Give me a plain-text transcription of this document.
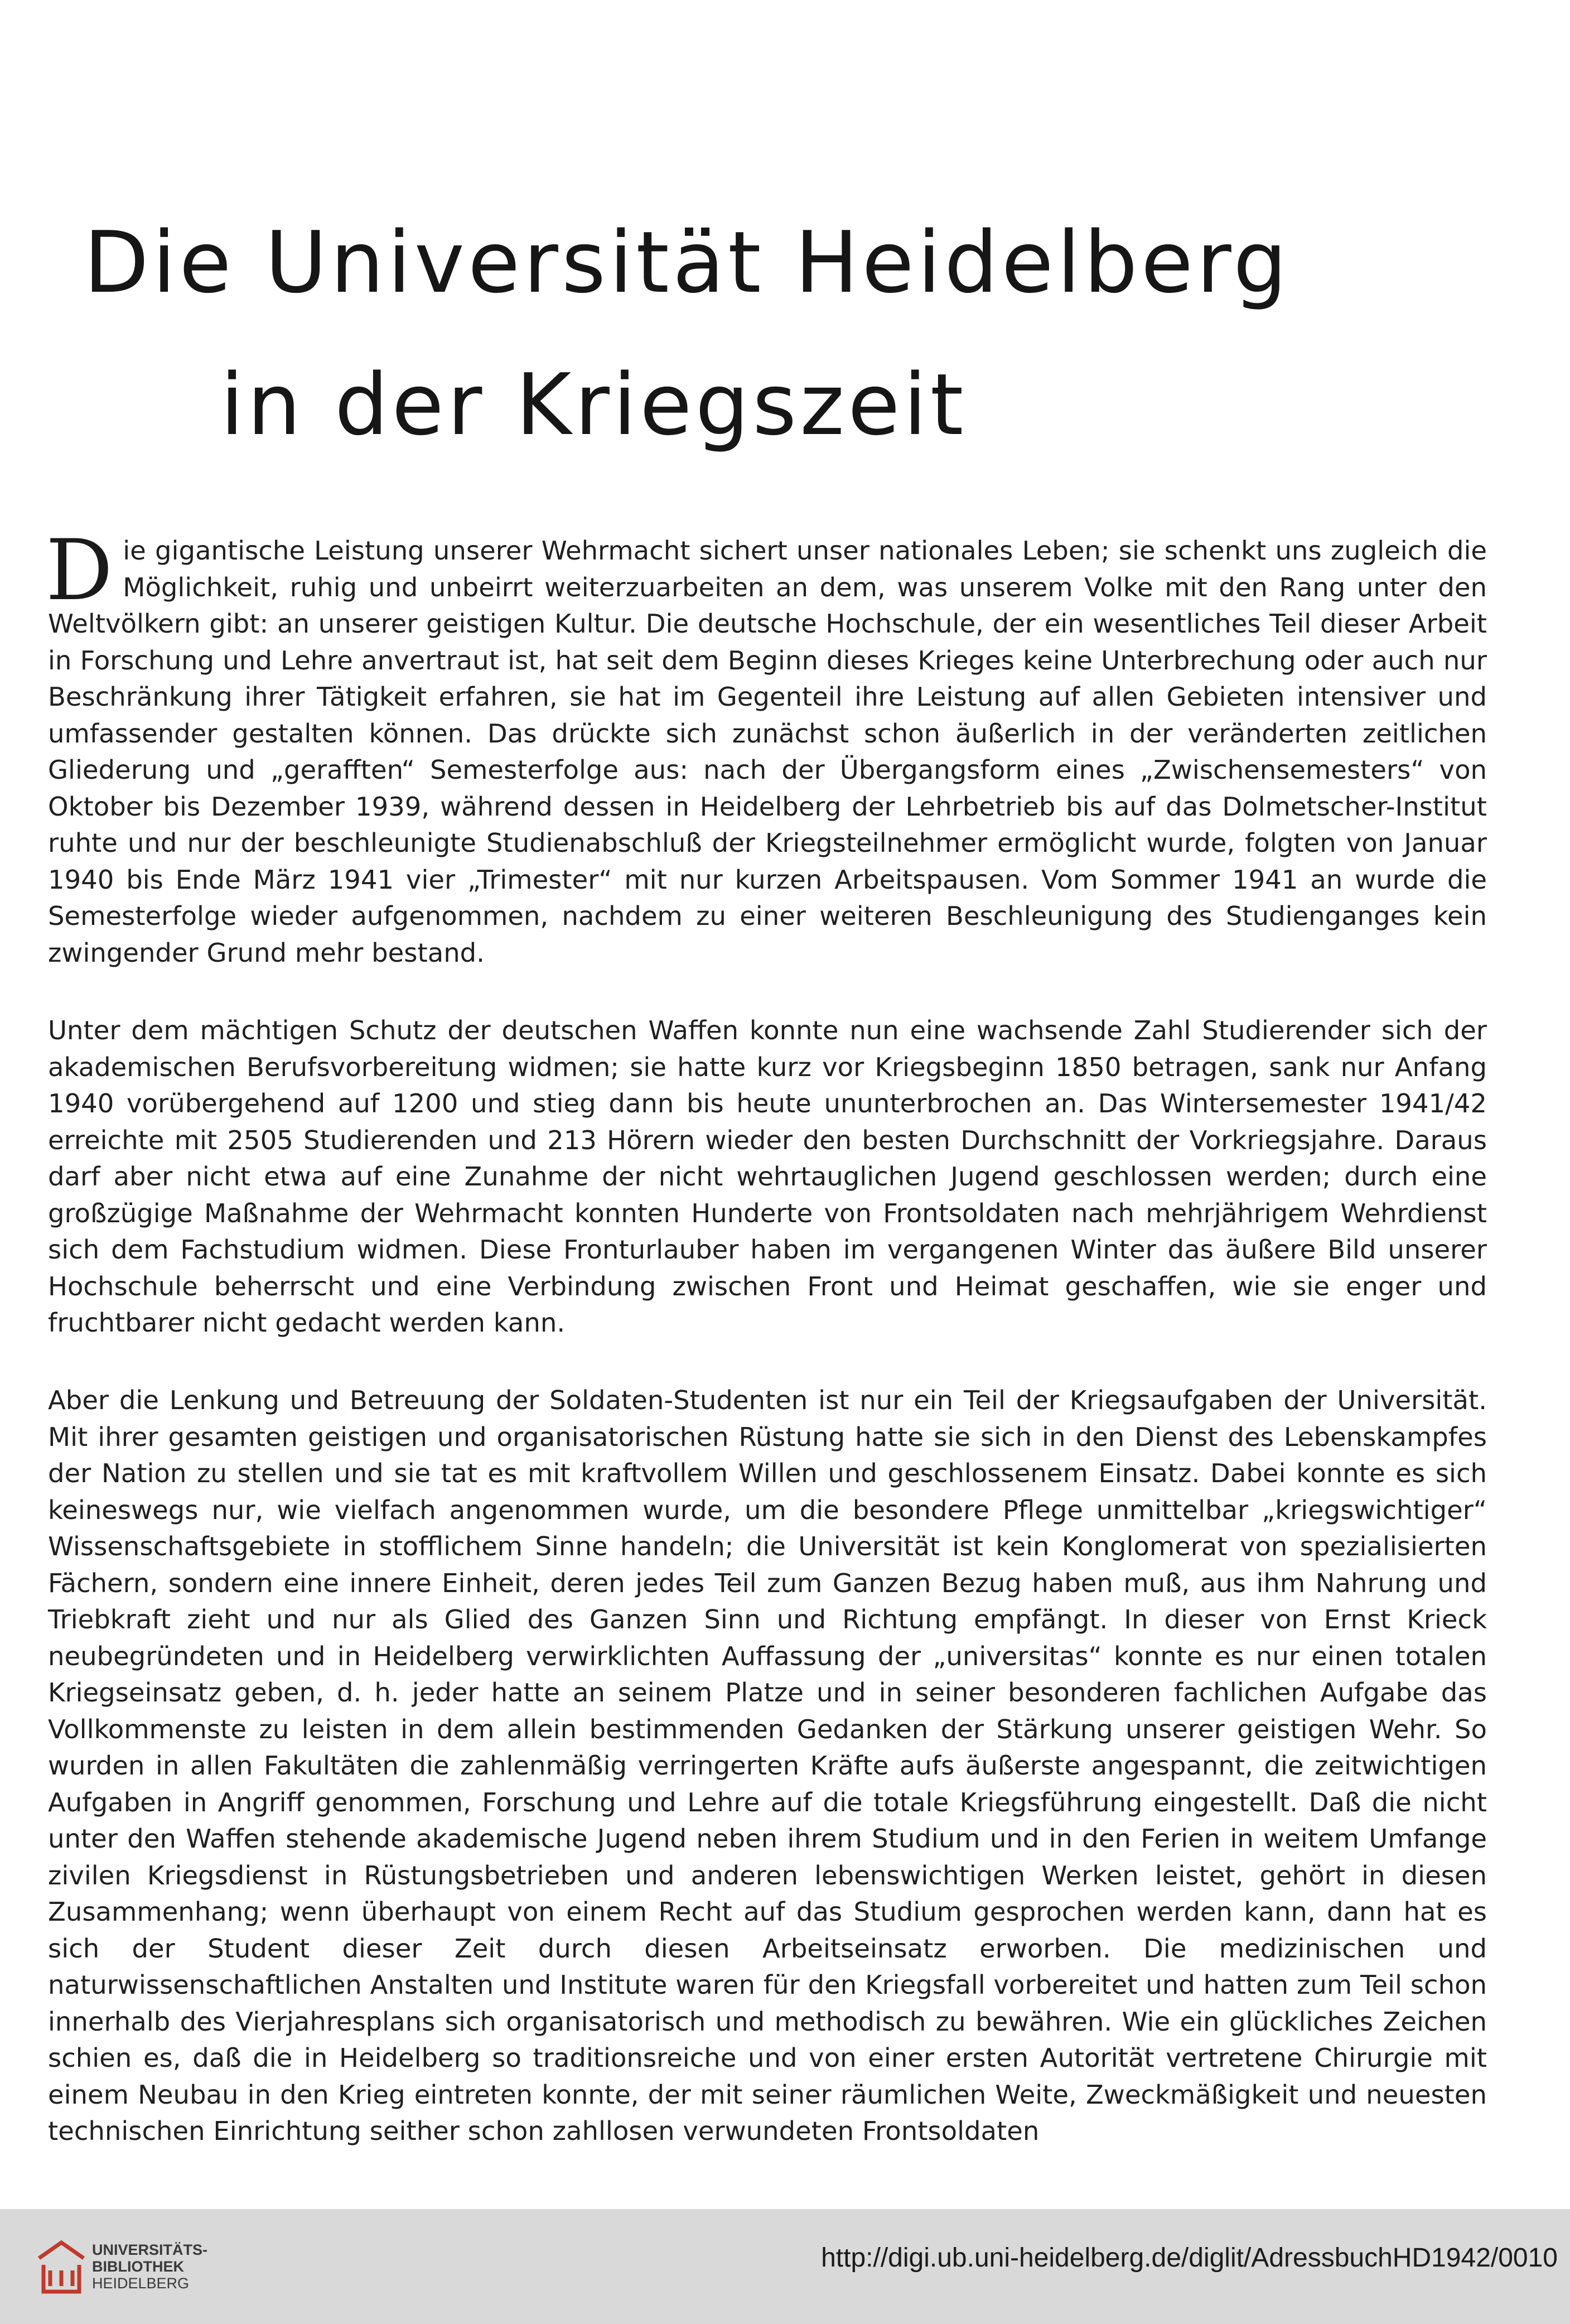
Die Universität Heidelberg
in der Kriegszeit

Die gigantische Leistung unserer Wehrmacht sichert unser nationales Leben; sie schenkt uns zugleich die Möglichkeit, ruhig und unbeirrt weiterzuarbeiten an dem, was unserem Volke mit den Rang unter den Weltvölkern gibt: an unserer geistigen Kultur. Die deutsche Hochschule, der ein wesentliches Teil dieser Arbeit in Forschung und Lehre anvertraut ist, hat seit dem Beginn dieses Krieges keine Unterbrechung oder auch nur Beschränkung ihrer Tätigkeit erfahren, sie hat im Gegenteil ihre Leistung auf allen Gebieten intensiver und umfassender gestalten können. Das drückte sich zunächst schon äußerlich in der veränderten zeitlichen Gliederung und „gerafften“ Semesterfolge aus: nach der Übergangsform eines „Zwischensemesters“ von Oktober bis Dezember 1939, während dessen in Heidelberg der Lehrbetrieb bis auf das Dolmetscher-Institut ruhte und nur der beschleunigte Studienabschluß der Kriegsteilnehmer ermöglicht wurde, folgten von Januar 1940 bis Ende März 1941 vier „Trimester“ mit nur kurzen Arbeitspausen. Vom Sommer 1941 an wurde die Semesterfolge wieder aufgenommen, nachdem zu einer weiteren Beschleunigung des Studienganges kein zwingender Grund mehr bestand.

Unter dem mächtigen Schutz der deutschen Waffen konnte nun eine wachsende Zahl Studierender sich der akademischen Berufsvorbereitung widmen; sie hatte kurz vor Kriegsbeginn 1850 betragen, sank nur Anfang 1940 vorübergehend auf 1200 und stieg dann bis heute ununterbrochen an. Das Wintersemester 1941/42 erreichte mit 2505 Studierenden und 213 Hörern wieder den besten Durchschnitt der Vorkriegsjahre. Daraus darf aber nicht etwa auf eine Zunahme der nicht wehrtauglichen Jugend geschlossen werden; durch eine großzügige Maßnahme der Wehrmacht konnten Hunderte von Frontsoldaten nach mehrjährigem Wehrdienst sich dem Fachstudium widmen. Diese Fronturlauber haben im vergangenen Winter das äußere Bild unserer Hochschule beherrscht und eine Verbindung zwischen Front und Heimat geschaffen, wie sie enger und fruchtbarer nicht gedacht werden kann.

Aber die Lenkung und Betreuung der Soldaten-Studenten ist nur ein Teil der Kriegsaufgaben der Universität. Mit ihrer gesamten geistigen und organisatorischen Rüstung hatte sie sich in den Dienst des Lebenskampfes der Nation zu stellen und sie tat es mit kraftvollem Willen und geschlossenem Einsatz. Dabei konnte es sich keineswegs nur, wie vielfach angenommen wurde, um die besondere Pflege unmittelbar „kriegswichtiger“ Wissenschaftsgebiete in stofflichem Sinne handeln; die Universität ist kein Konglomerat von spezialisierten Fächern, sondern eine innere Einheit, deren jedes Teil zum Ganzen Bezug haben muß, aus ihm Nahrung und Triebkraft zieht und nur als Glied des Ganzen Sinn und Richtung empfängt. In dieser von Ernst Krieck neubegründeten und in Heidelberg verwirklichten Auffassung der „universitas“ konnte es nur einen totalen Kriegseinsatz geben, d. h. jeder hatte an seinem Platze und in seiner besonderen fachlichen Aufgabe das Vollkommenste zu leisten in dem allein bestimmenden Gedanken der Stärkung unserer geistigen Wehr. So wurden in allen Fakultäten die zahlenmäßig verringerten Kräfte aufs äußerste angespannt, die zeitwichtigen Aufgaben in Angriff genommen, Forschung und Lehre auf die totale Kriegsführung eingestellt. Daß die nicht unter den Waffen stehende akademische Jugend neben ihrem Studium und in den Ferien in weitem Umfange zivilen Kriegsdienst in Rüstungsbetrieben und anderen lebenswichtigen Werken leistet, gehört in diesen Zusammenhang; wenn überhaupt von einem Recht auf das Studium gesprochen werden kann, dann hat es sich der Student dieser Zeit durch diesen Arbeitseinsatz erworben. Die medizinischen und naturwissenschaftlichen Anstalten und Institute waren für den Kriegsfall vorbereitet und hatten zum Teil schon innerhalb des Vierjahresplans sich organisatorisch und methodisch zu bewähren. Wie ein glückliches Zeichen schien es, daß die in Heidelberg so traditionsreiche und von einer ersten Autorität vertretene Chirurgie mit einem Neubau in den Krieg eintreten konnte, der mit seiner räumlichen Weite, Zweckmäßigkeit und neuesten technischen Einrichtung seither schon zahllosen verwundeten Frontsoldaten

UNIVERSITÄTS-
BIBLIOTHEK
HEIDELBERG
http://digi.ub.uni-heidelberg.de/diglit/AdressbuchHD1942/0010
